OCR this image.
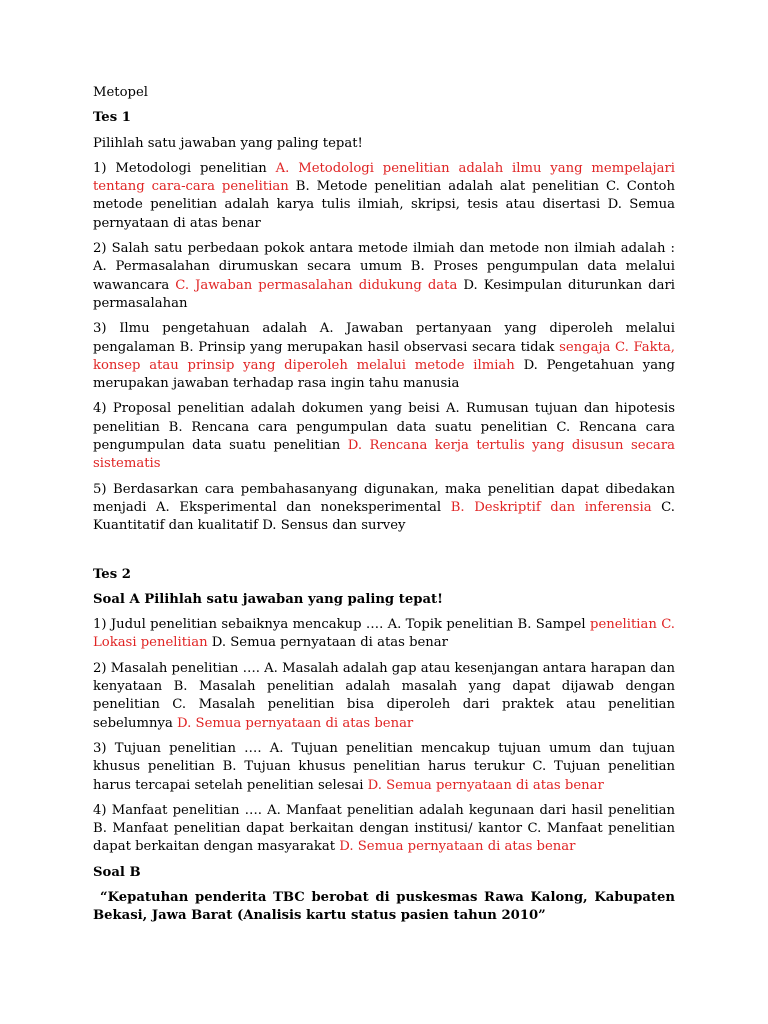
Metopel

Tes 1

Pilihlah satu jawaban yang paling tepat!

1) Metodologi penelitian A. Metodologi penelitian adalah ilmu yang mempelajari tentang cara-cara penelitian B. Metode penelitian adalah alat penelitian C. Contoh metode penelitian adalah karya tulis ilmiah, skripsi, tesis atau disertasi D. Semua pernyataan di atas benar

2) Salah satu perbedaan pokok antara metode ilmiah dan metode non ilmiah adalah : A. Permasalahan dirumuskan secara umum B. Proses pengumpulan data melalui wawancara C. Jawaban permasalahan didukung data D. Kesimpulan diturunkan dari permasalahan

3) Ilmu pengetahuan adalah A. Jawaban pertanyaan yang diperoleh melalui pengalaman B. Prinsip yang merupakan hasil observasi secara tidak sengaja C. Fakta, konsep atau prinsip yang diperoleh melalui metode ilmiah D. Pengetahuan yang merupakan jawaban terhadap rasa ingin tahu manusia

4) Proposal penelitian adalah dokumen yang beisi A. Rumusan tujuan dan hipotesis penelitian B. Rencana cara pengumpulan data suatu penelitian C. Rencana cara pengumpulan data suatu penelitian D. Rencana kerja tertulis yang disusun secara sistematis

5) Berdasarkan cara pembahasanyang digunakan, maka penelitian dapat dibedakan menjadi A. Eksperimental dan noneksperimental B. Deskriptif dan inferensia C. Kuantitatif dan kualitatif D. Sensus dan survey

Tes 2

Soal A Pilihlah satu jawaban yang paling tepat!

1) Judul penelitian sebaiknya mencakup …. A. Topik penelitian B. Sampel penelitian C. Lokasi penelitian D. Semua pernyataan di atas benar

2) Masalah penelitian …. A. Masalah adalah gap atau kesenjangan antara harapan dan kenyataan B. Masalah penelitian adalah masalah yang dapat dijawab dengan penelitian C. Masalah penelitian bisa diperoleh dari praktek atau penelitian sebelumnya D. Semua pernyataan di atas benar

3) Tujuan penelitian …. A. Tujuan penelitian mencakup tujuan umum dan tujuan khusus penelitian B. Tujuan khusus penelitian harus terukur C. Tujuan penelitian harus tercapai setelah penelitian selesai D. Semua pernyataan di atas benar

4) Manfaat penelitian …. A. Manfaat penelitian adalah kegunaan dari hasil penelitian B. Manfaat penelitian dapat berkaitan dengan institusi/ kantor C. Manfaat penelitian dapat berkaitan dengan masyarakat D. Semua pernyataan di atas benar

Soal B

“Kepatuhan penderita TBC berobat di puskesmas Rawa Kalong, Kabupaten Bekasi, Jawa Barat (Analisis kartu status pasien tahun 2010”
